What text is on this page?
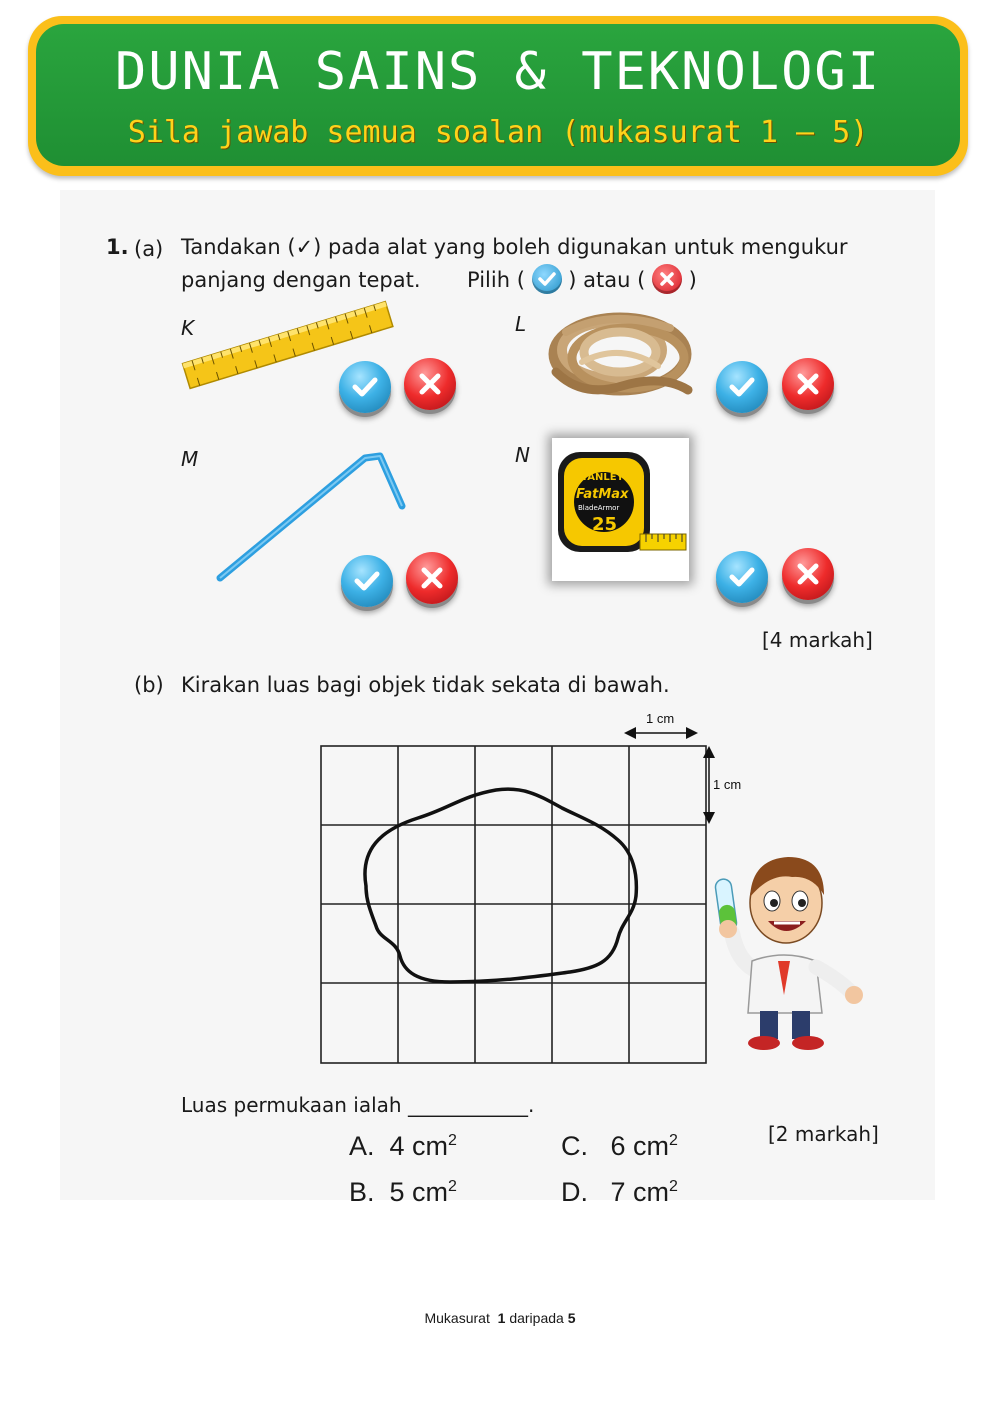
DUNIA SAINS & TEKNOLOGI
Sila jawab semua soalan (mukasurat 1 – 5)
1. (a) Tandakan (✓) pada alat yang boleh digunakan untuk mengukur
panjang dengan tepat. Pilih ( ) atau ( )
K	L
M	N
STANLEY
FatMax
BladeArmor
25
[4 markah]
(b) Kirakan luas bagi objek tidak sekata di bawah.
1 cm
1 cm
Luas permukaan ialah ____________.
[2 markah]
A. 4 $cm^2$
B. 5 $cm^2$
C. 6 $cm^2$
D. 7 $cm^2$
Mukasurat 1 daripada 5
